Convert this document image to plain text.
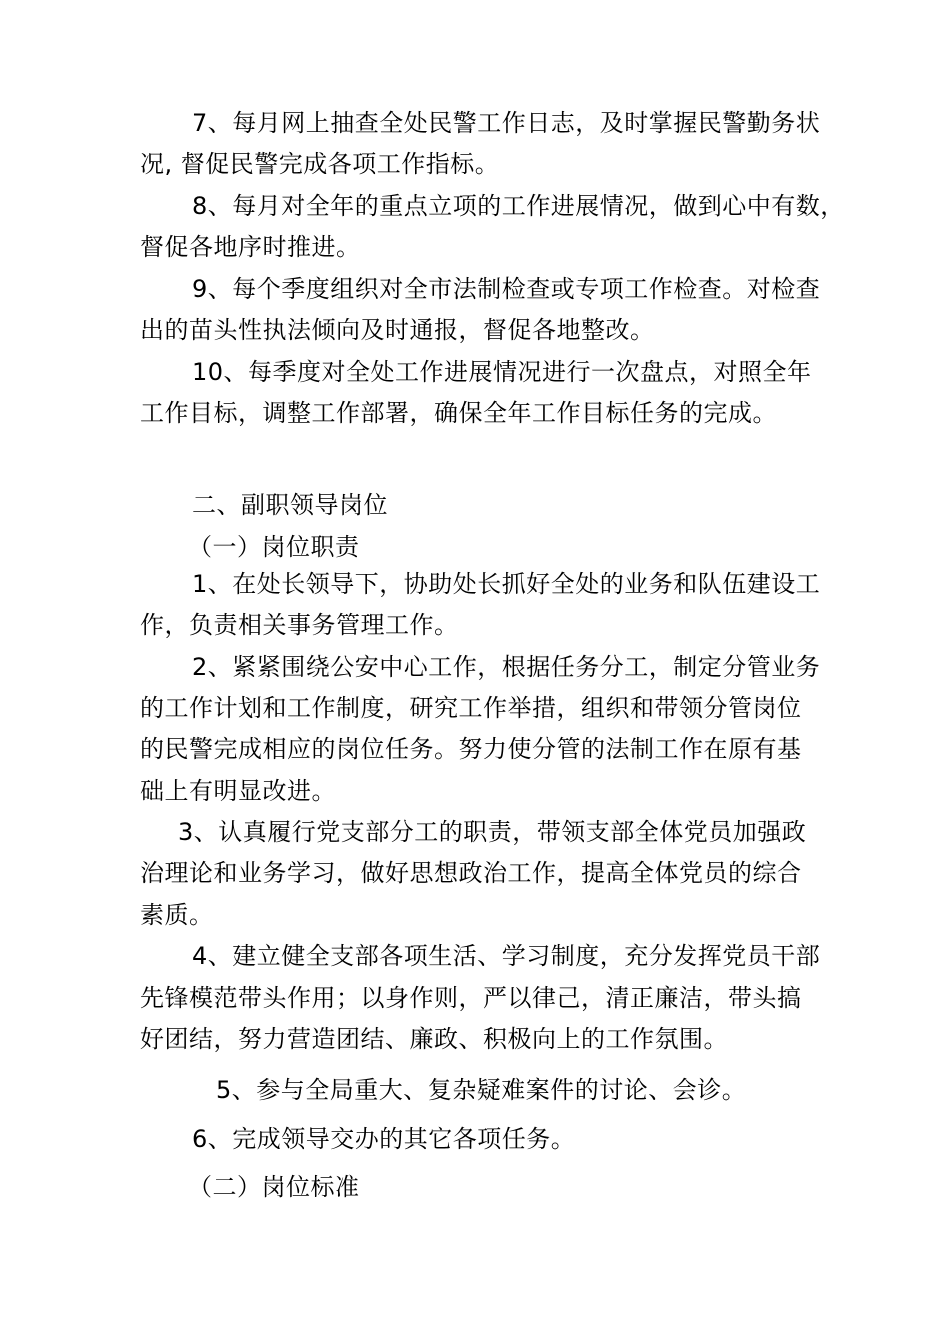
7、每月网上抽查全处民警工作日志，及时掌握民警勤务状
况, 督促民警完成各项工作指标。
8、每月对全年的重点立项的工作进展情况，做到心中有数，
督促各地序时推进。
9、每个季度组织对全市法制检查或专项工作检查。对检查
出的苗头性执法倾向及时通报，督促各地整改。
10、每季度对全处工作进展情况进行一次盘点，对照全年
工作目标，调整工作部署，确保全年工作目标任务的完成。
二、副职领导岗位
（一）岗位职责
1、在处长领导下，协助处长抓好全处的业务和队伍建设工
作，负责相关事务管理工作。
2、紧紧围绕公安中心工作，根据任务分工，制定分管业务
的工作计划和工作制度，研究工作举措，组织和带领分管岗位
的民警完成相应的岗位任务。努力使分管的法制工作在原有基
础上有明显改进。
3、认真履行党支部分工的职责，带领支部全体党员加强政
治理论和业务学习，做好思想政治工作，提高全体党员的综合
素质。
4、建立健全支部各项生活、学习制度，充分发挥党员干部
先锋模范带头作用；以身作则，严以律己，清正廉洁，带头搞
好团结，努力营造团结、廉政、积极向上的工作氛围。
5、参与全局重大、复杂疑难案件的讨论、会诊。
6、完成领导交办的其它各项任务。
（二）岗位标准
